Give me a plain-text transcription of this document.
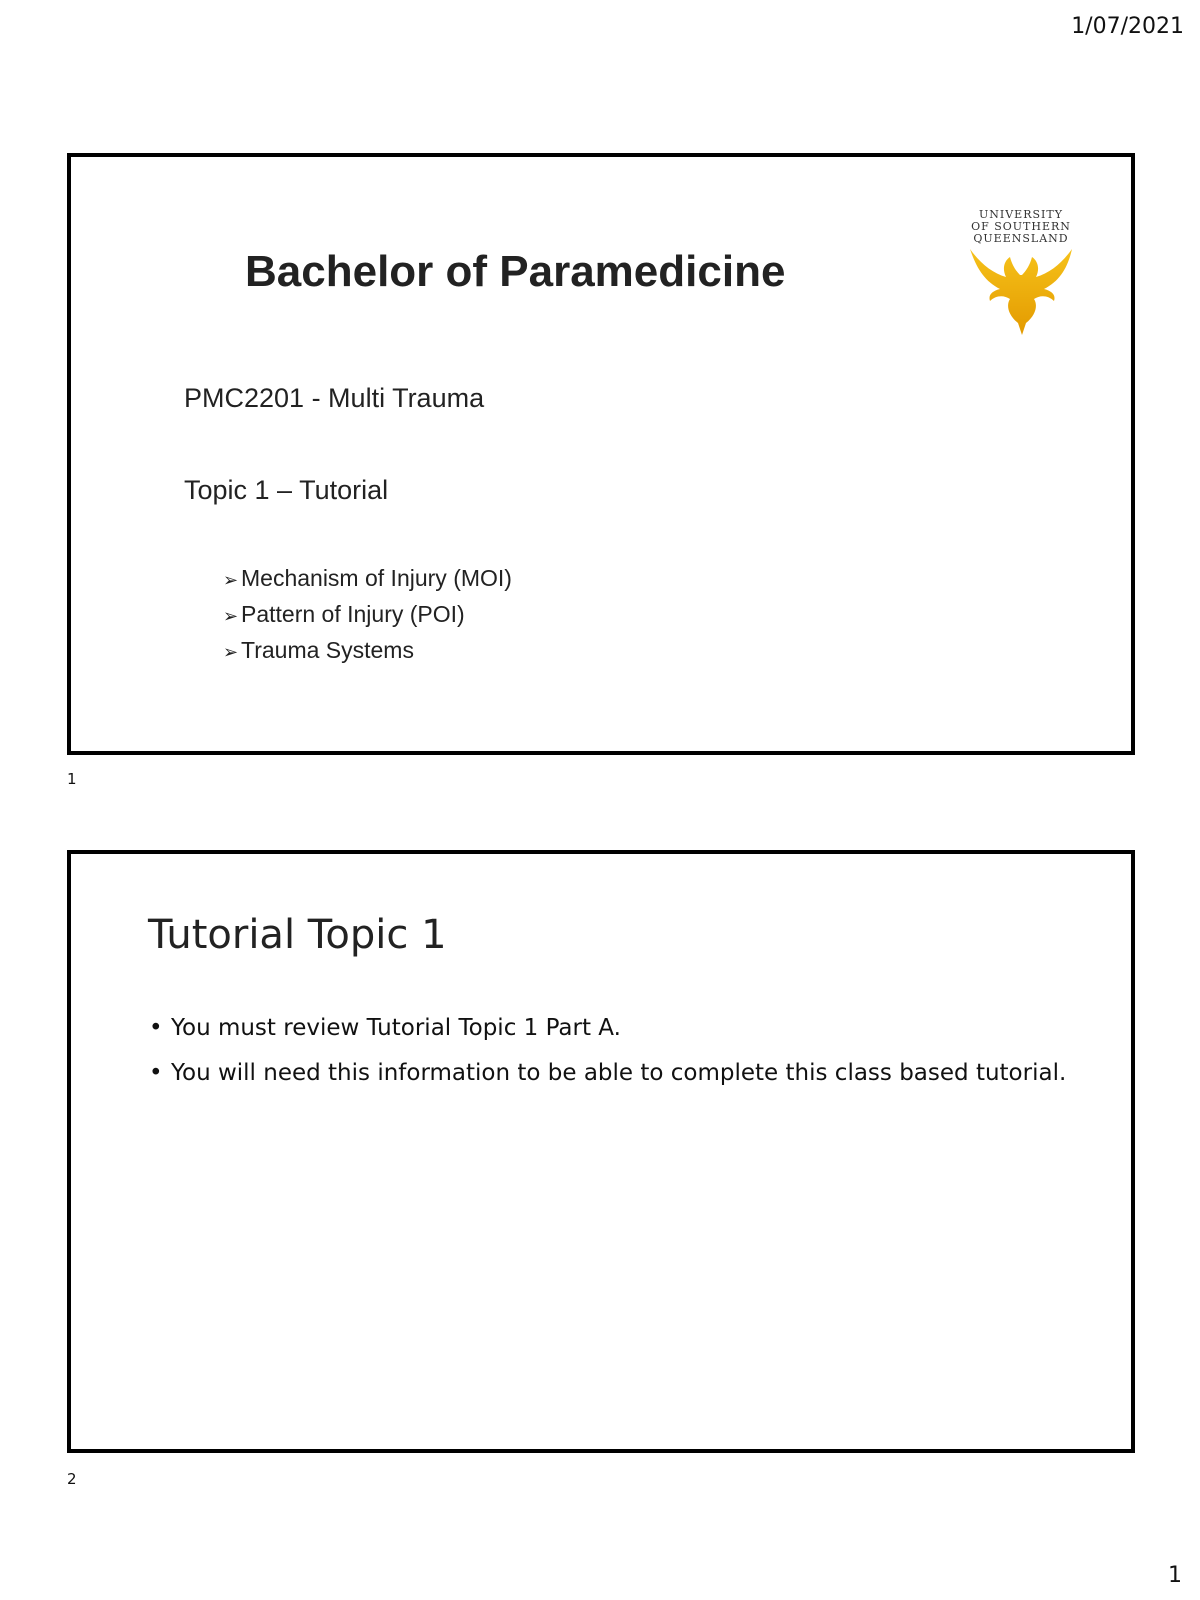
1/07/2021
Bachelor of Paramedicine
UNIVERSITY
OF SOUTHERN
QUEENSLAND
PMC2201 - Multi Trauma
Topic 1 – Tutorial
➢ Mechanism of Injury (MOI)
➢ Pattern of Injury (POI)
➢ Trauma Systems
1
Tutorial Topic 1
• You must review Tutorial Topic 1 Part A.
• You will need this information to be able to complete this class based tutorial.
2
1
